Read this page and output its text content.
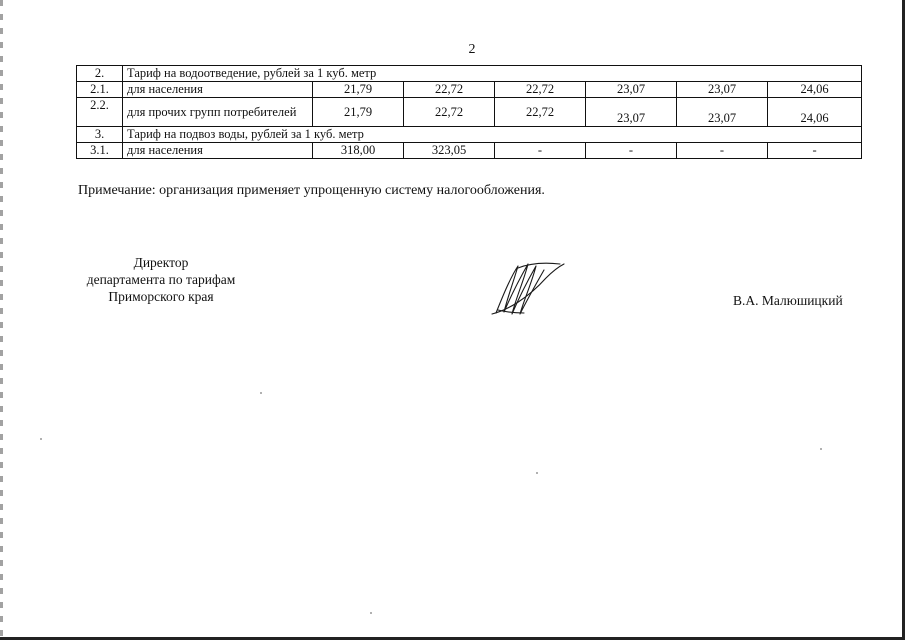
2
2.	Тариф на водоотведение, рублей за 1 куб. метр						
2.1.	для населения	21,79	22,72	22,72	23,07	23,07	24,06
2.2.	для прочих групп потребителей	21,79	22,72	22,72	23,07	23,07	24,06
3.	Тариф на подвоз воды, рублей за 1 куб. метр						
3.1.	для населения	318,00	323,05	-	-	-	-
Примечание: организация применяет упрощенную систему налогообложения.
Директор
департамента по тарифам
Приморского края	В.А. Малюшицкий
